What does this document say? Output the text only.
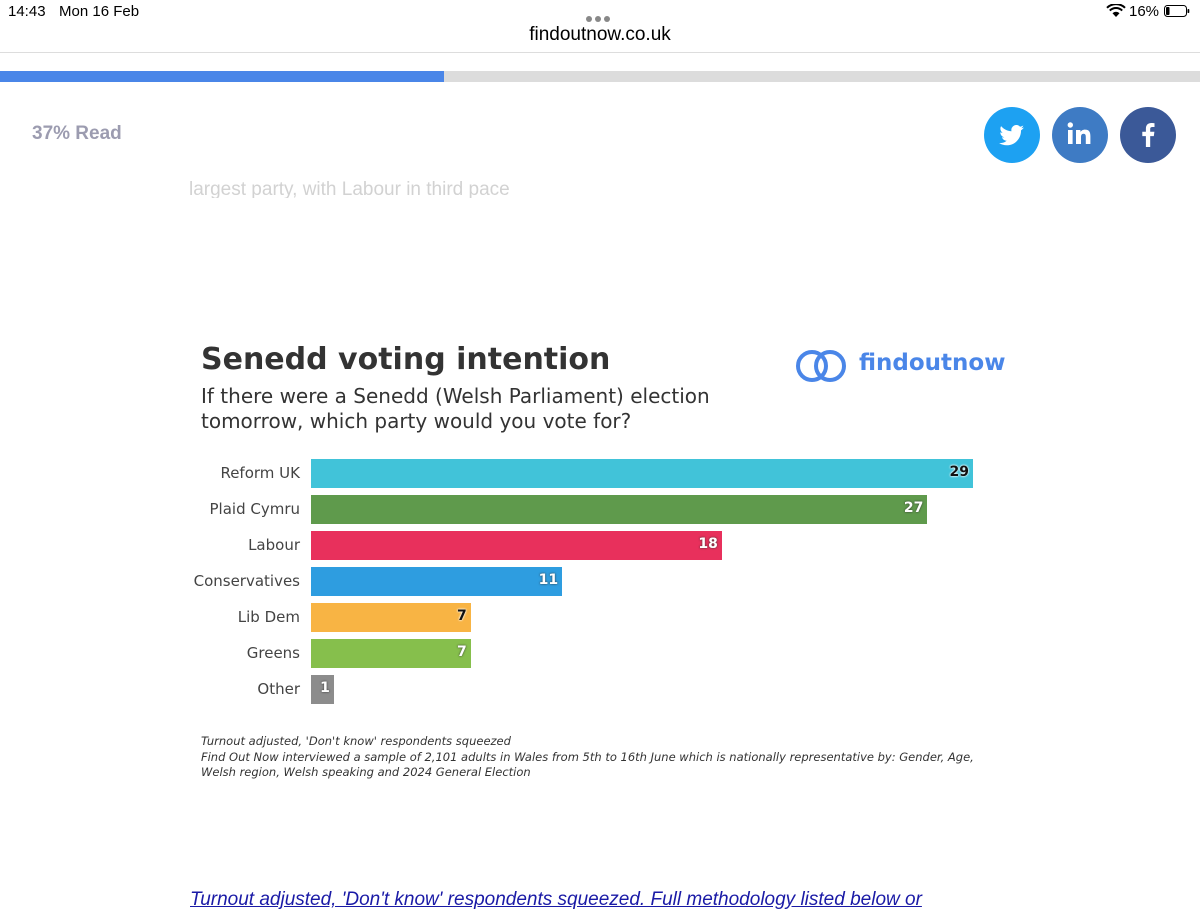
14:43 Mon 16 Feb	16%
findoutnow.co.uk
37% Read
largest party, with Labour in third pace
Senedd voting intention
If there were a Senedd (Welsh Parliament) election tomorrow, which party would you vote for?
findoutnow
Reform UK	29
Plaid Cymru	27
Labour	18
Conservatives	11
Lib Dem	7
Greens	7
Other 1
Turnout adjusted, 'Don't know' respondents squeezed
Find Out Now interviewed a sample of 2,101 adults in Wales from 5th to 16th June which is nationally representative by: Gender, Age, Welsh region, Welsh speaking and 2024 General Election
Turnout adjusted, 'Don't know' respondents squeezed. Full methodology listed below or
